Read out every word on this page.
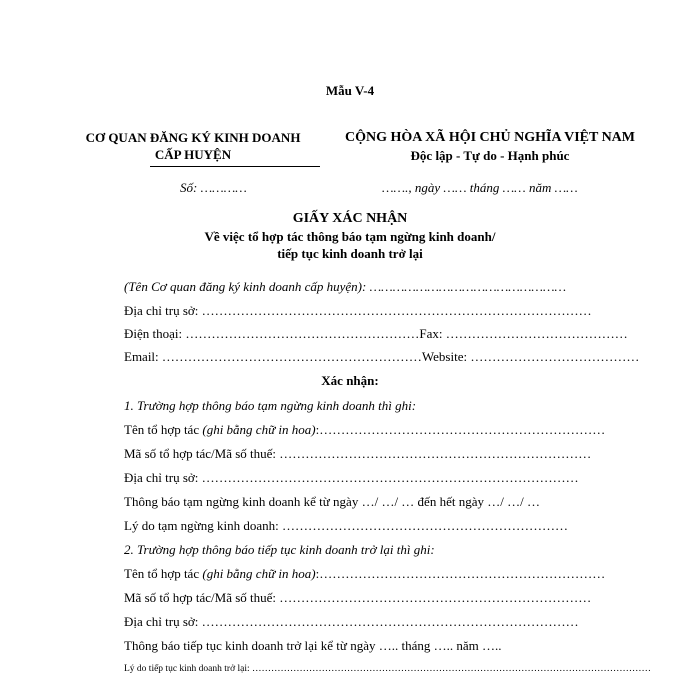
Mẫu V-4
CƠ QUAN ĐĂNG KÝ KINH DOANH
CẤP HUYỆN
CỘNG HÒA XÃ HỘI CHỦ NGHĨA VIỆT NAM
Độc lập - Tự do - Hạnh phúc
Số: …………	……., ngày …… tháng …… năm ……
GIẤY XÁC NHẬN
Về việc tổ hợp tác thông báo tạm ngừng kinh doanh/
tiếp tục kinh doanh trở lại
(Tên Cơ quan đăng ký kinh doanh cấp huyện): ……………………………………………
Địa chỉ trụ sở: ………………………………………………………………………………
Điện thoại: ………………………………………………Fax: ……………………………………
Email: ……………………………………………………Website: …………………………………
Xác nhận:
1. Trường hợp thông báo tạm ngừng kinh doanh thì ghi:
Tên tổ hợp tác (ghi bằng chữ in hoa):…………………………………………………………
Mã số tổ hợp tác/Mã số thuế: ………………………………………………………………
Địa chỉ trụ sở: ……………………………………………………………………………
Thông báo tạm ngừng kinh doanh kể từ ngày …/ …/ … đến hết ngày …/ …/ …
Lý do tạm ngừng kinh doanh: …………………………………………………………
2. Trường hợp thông báo tiếp tục kinh doanh trở lại thì ghi:
Tên tổ hợp tác (ghi bằng chữ in hoa):…………………………………………………………
Mã số tổ hợp tác/Mã số thuế: ………………………………………………………………
Địa chỉ trụ sở: ……………………………………………………………………………
Thông báo tiếp tục kinh doanh trở lại kể từ ngày ….. tháng ….. năm …..
Lý do tiếp tục kinh doanh trở lại: ………………………………………………………………………………………………………………
